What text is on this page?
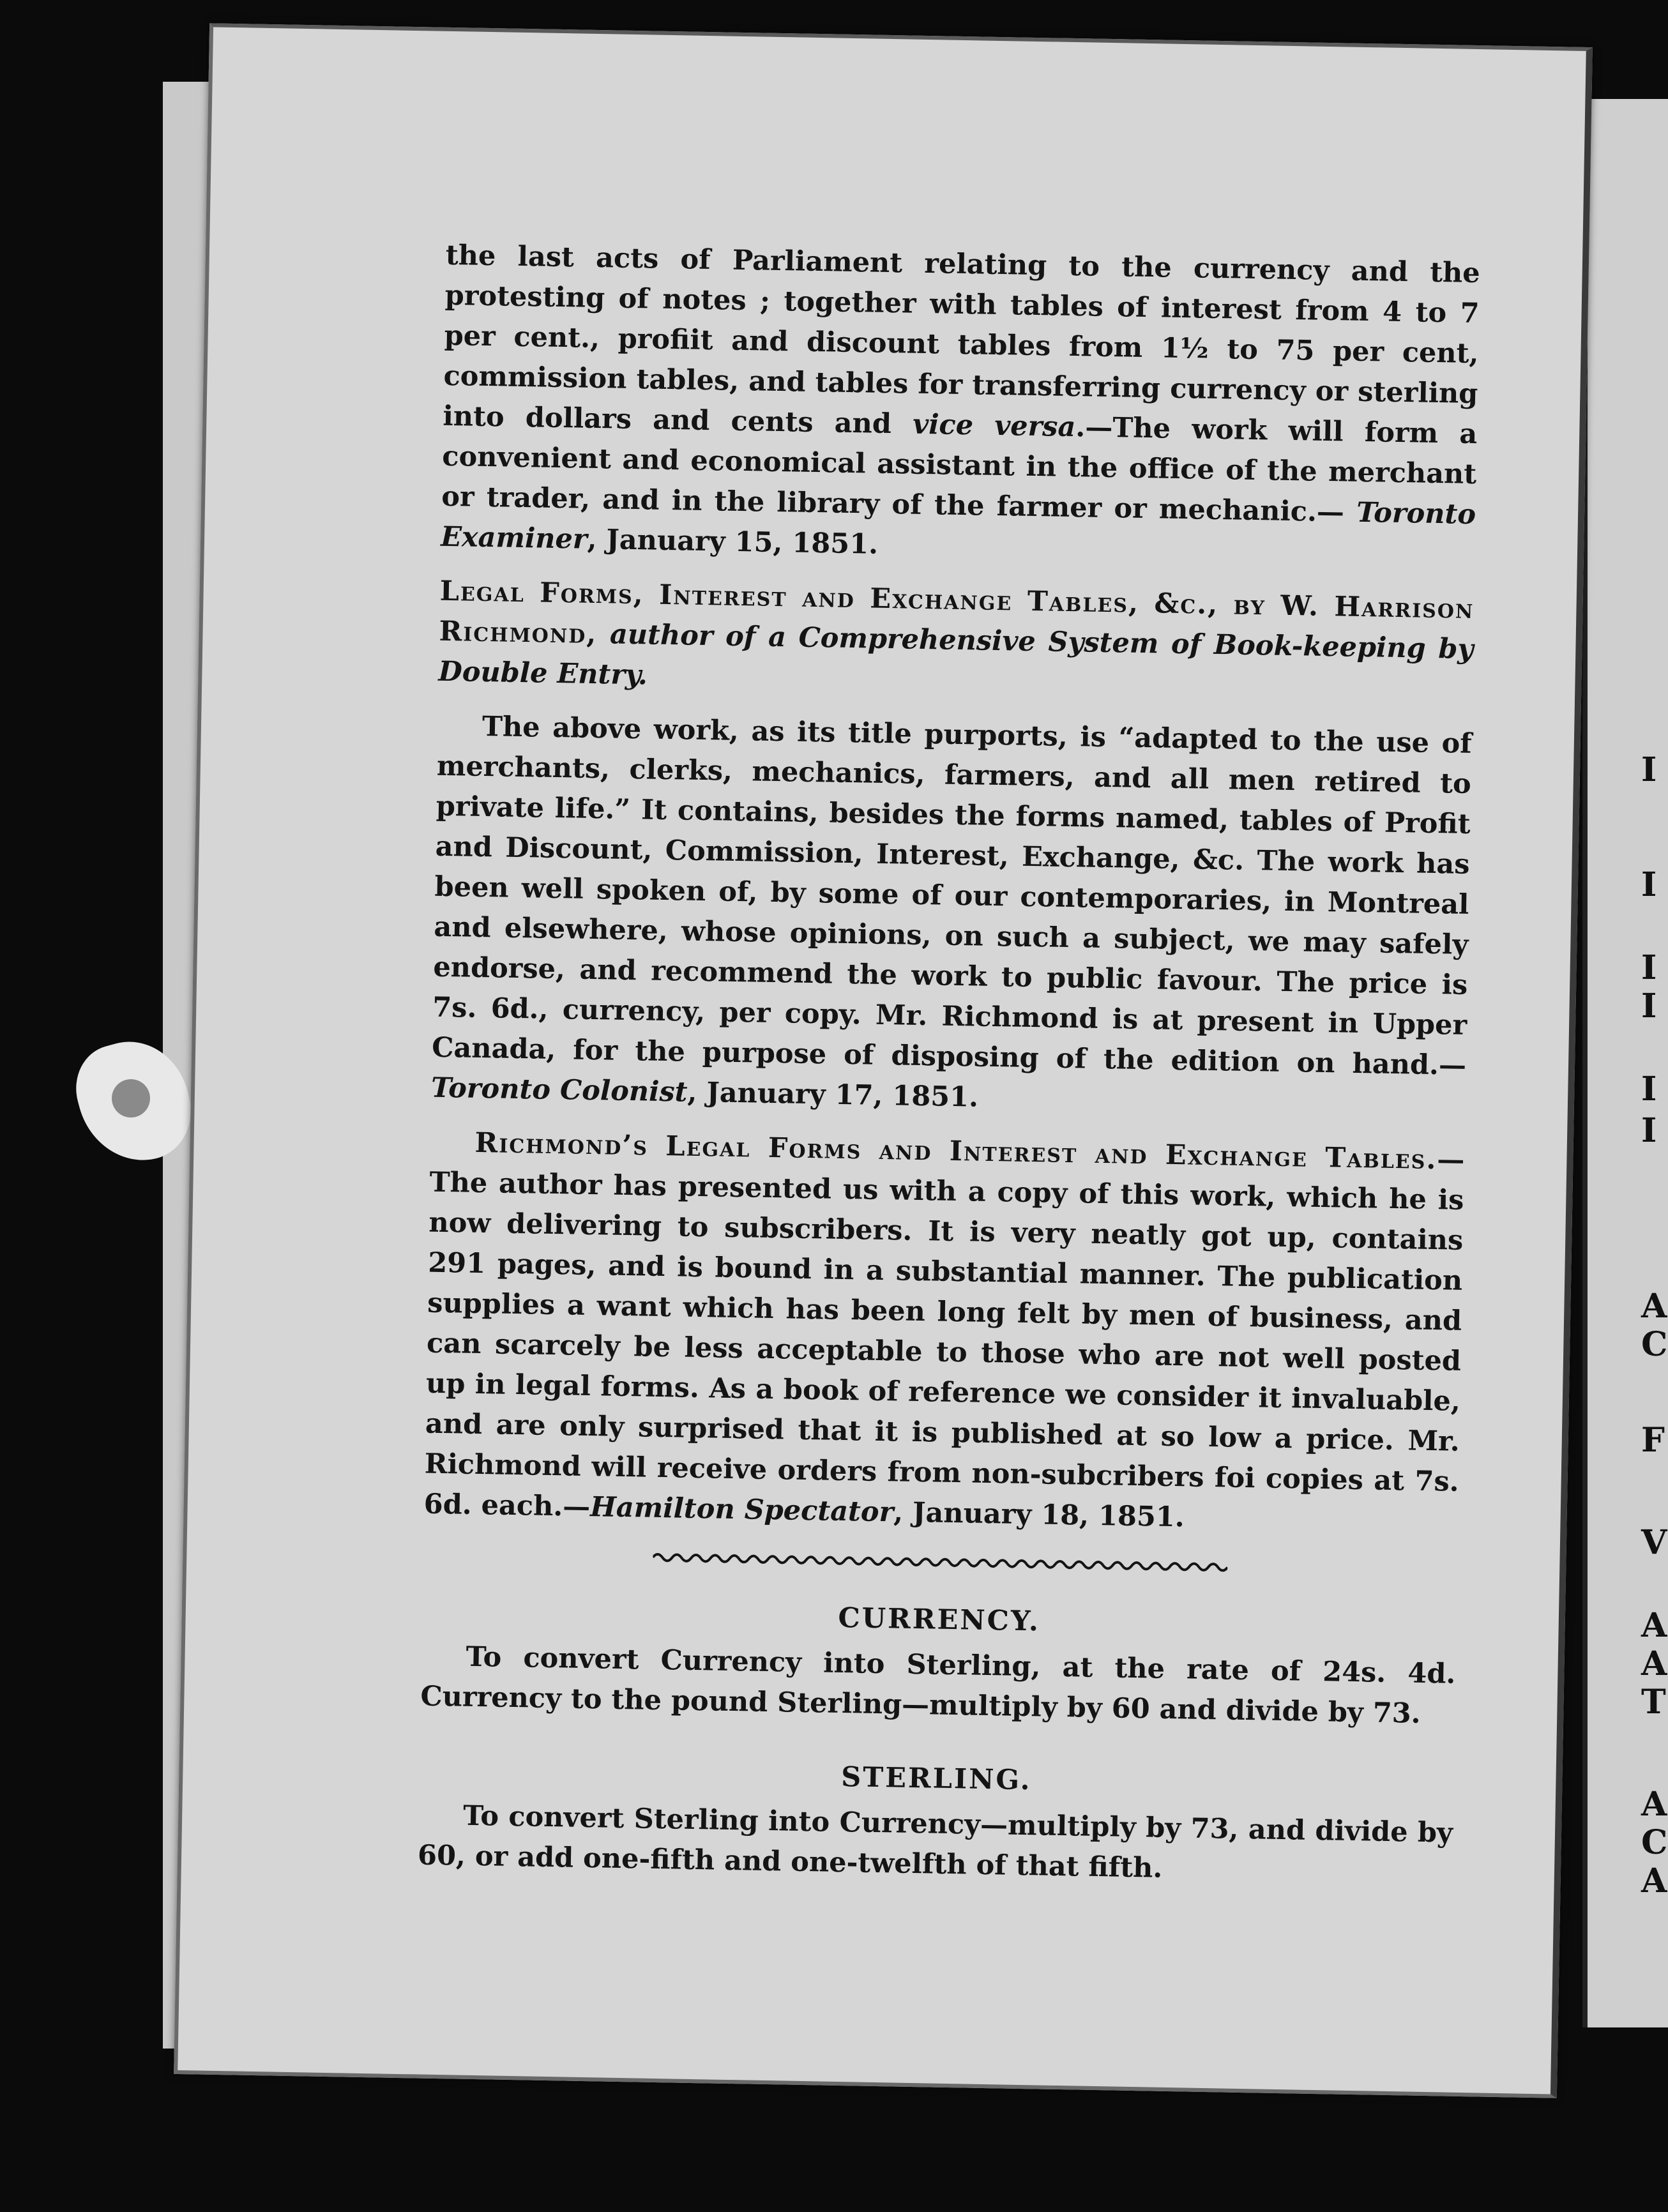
I
I
I
I
I
I
A
C
F
V
A
A
T
A
C
A

the last acts of Parliament relating to the currency and the protesting of notes ; together with tables of interest from 4 to 7 per cent., profiit and discount tables from 1½ to 75 per cent, commission tables, and tables for transferring currency or sterling into dollars and cents and vice versa.—The work will form a convenient and economical assistant in the office of the merchant or trader, and in the library of the farmer or mechanic.— Toronto Examiner, January 15, 1851.

Legal Forms, Interest and Exchange Tables, &c., by W. Harrison Richmond, author of a Comprehensive System of Book-keeping by Double Entry.

The above work, as its title purports, is “adapted to the use of merchants, clerks, mechanics, farmers, and all men retired to private life.” It contains, besides the forms named, tables of Profit and Discount, Commission, Interest, Exchange, &c. The work has been well spoken of, by some of our contemporaries, in Montreal and elsewhere, whose opinions, on such a subject, we may safely endorse, and recommend the work to public favour. The price is 7s. 6d., currency, per copy. Mr. Richmond is at present in Upper Canada, for the purpose of disposing of the edition on hand.—Toronto Colonist, January 17, 1851.

Richmond’s Legal Forms and Interest and Exchange Tables.—The author has presented us with a copy of this work, which he is now delivering to subscribers. It is very neatly got up, contains 291 pages, and is bound in a substantial manner. The publication supplies a want which has been long felt by men of business, and can scarcely be less acceptable to those who are not well posted up in legal forms. As a book of reference we consider it invaluable, and are only surprised that it is published at so low a price. Mr. Richmond will receive orders from non-subcribers foi copies at 7s. 6d. each.—Hamilton Spectator, January 18, 1851.

CURRENCY.

To convert Currency into Sterling, at the rate of 24s. 4d. Currency to the pound Sterling—multiply by 60 and divide by 73.

STERLING.

To convert Sterling into Currency—multiply by 73, and divide by 60, or add one-fifth and one-twelfth of that fifth.
